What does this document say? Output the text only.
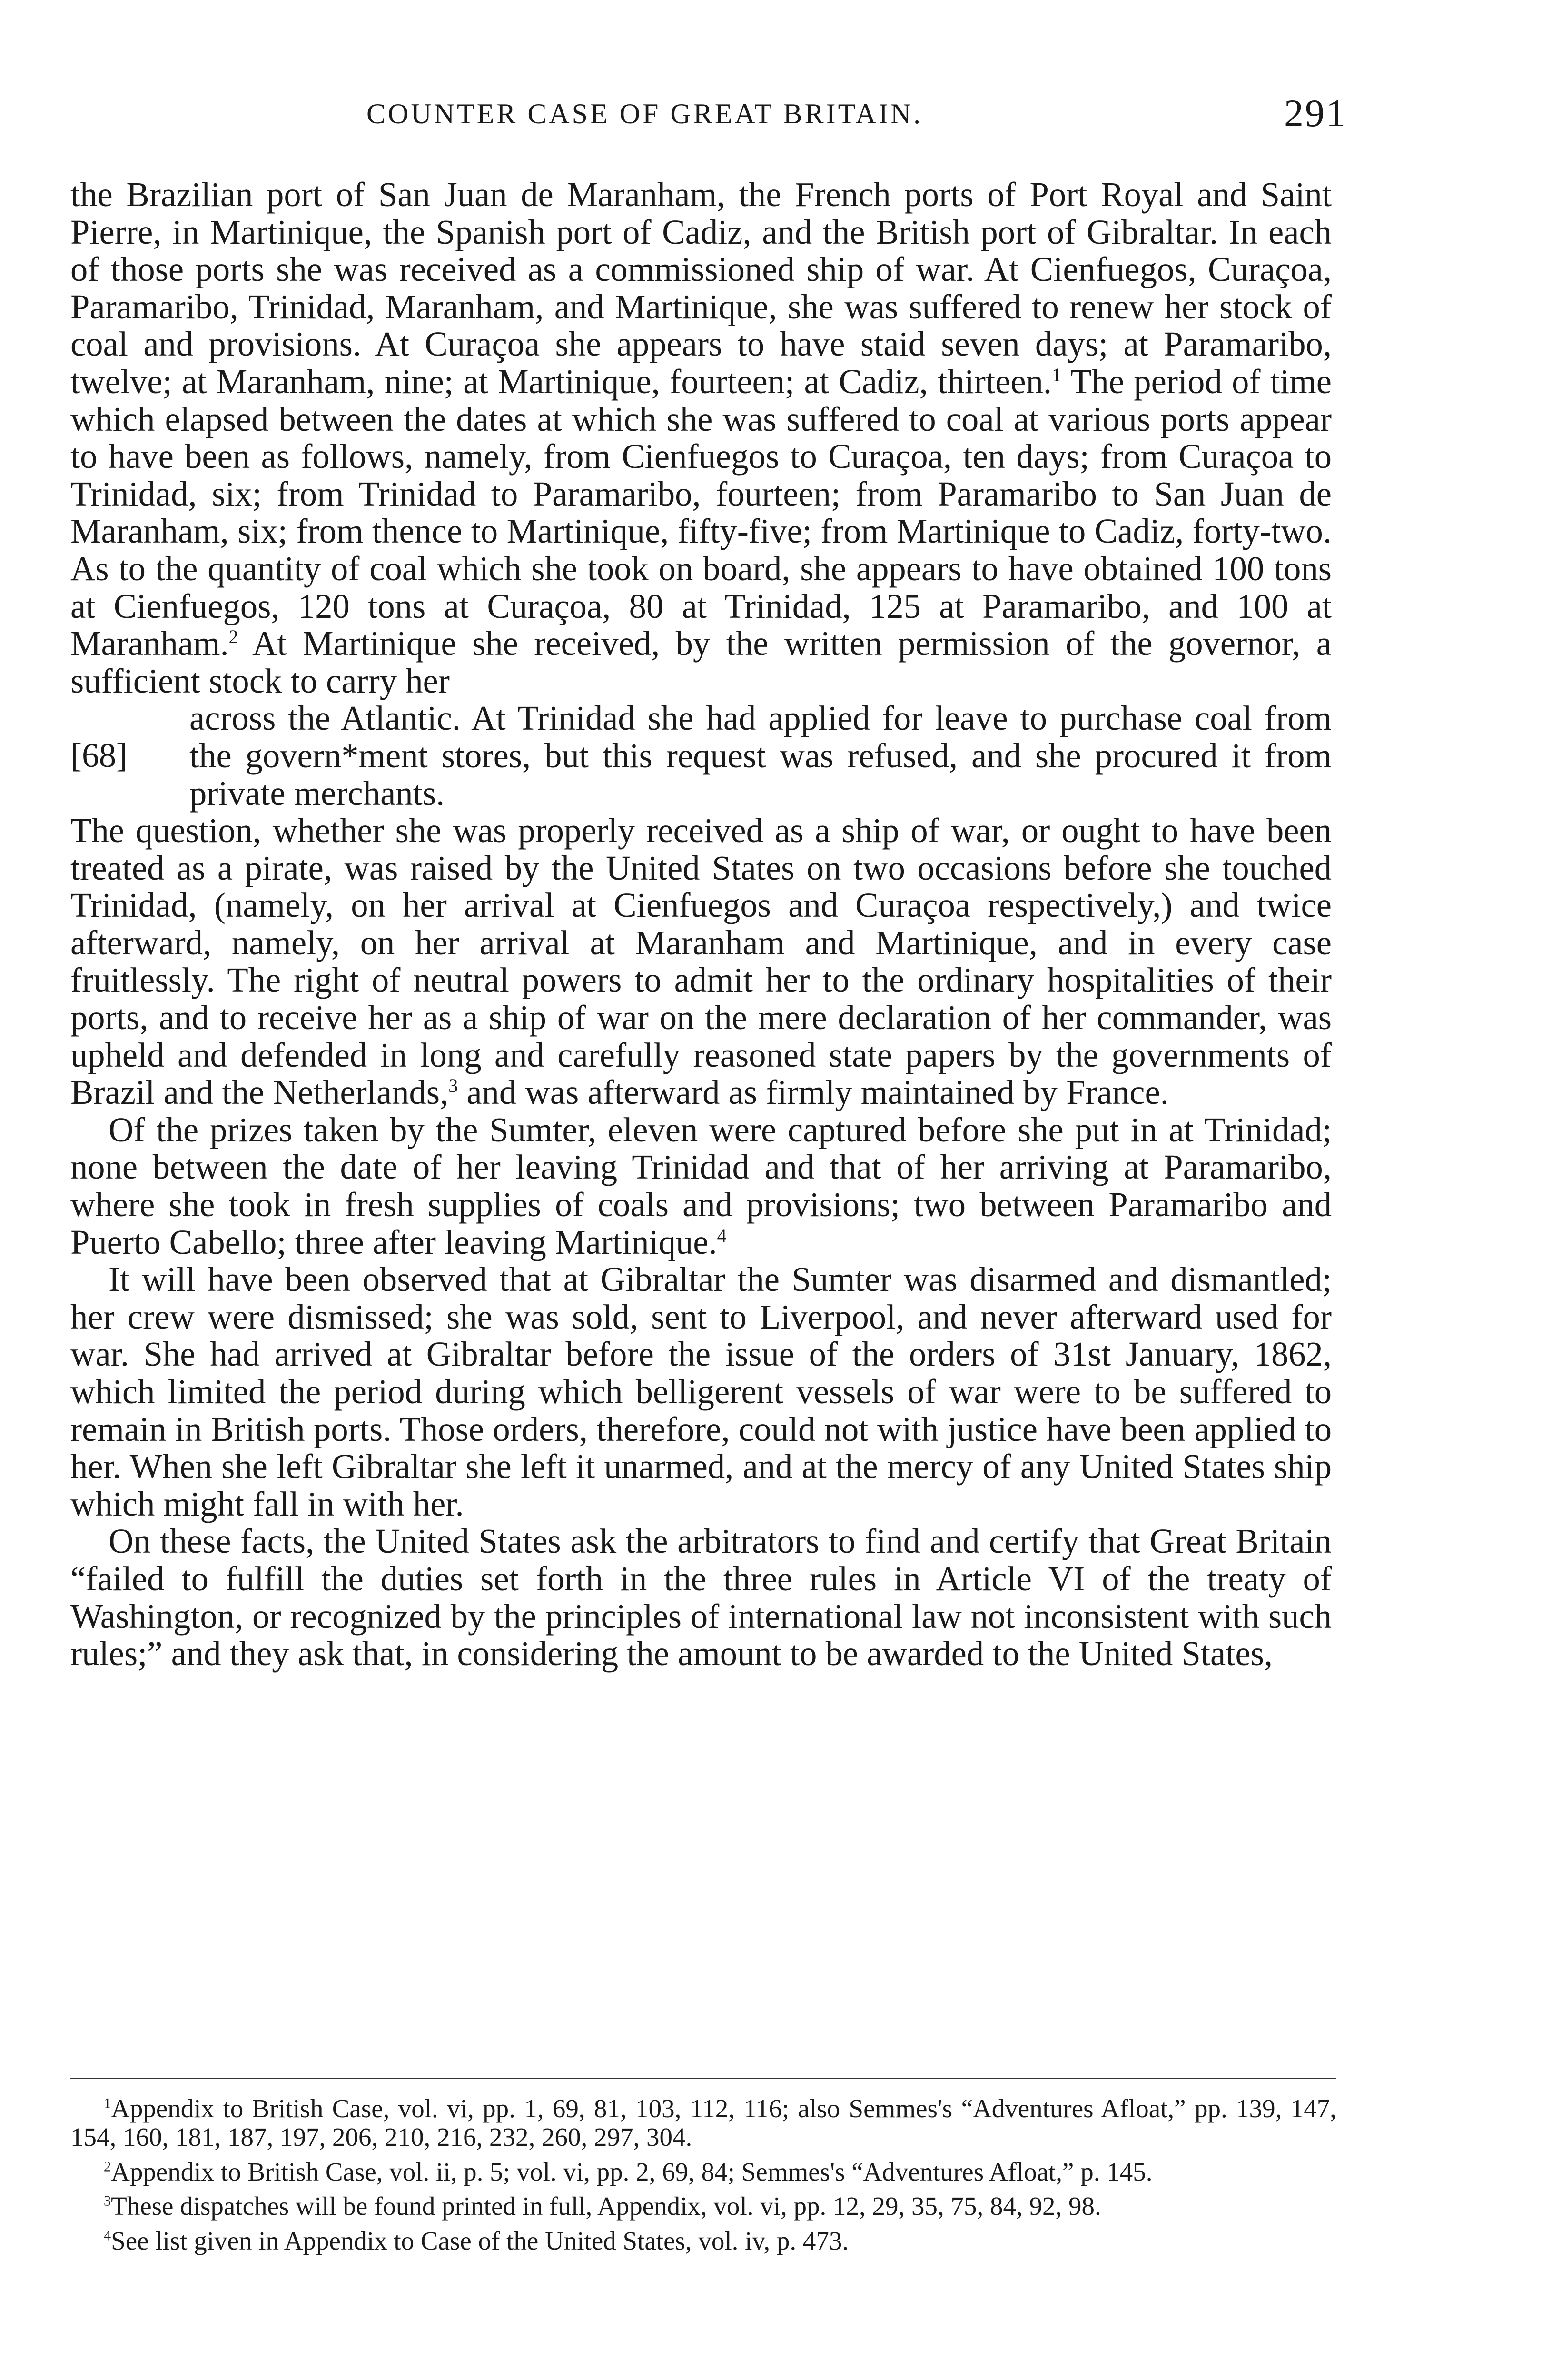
COUNTER CASE OF GREAT BRITAIN.	291

the Brazilian port of San Juan de Maranham, the French ports of Port Royal and Saint Pierre, in Martinique, the Spanish port of Cadiz, and the British port of Gibraltar. In each of those ports she was received as a commissioned ship of war. At Cienfuegos, Curaçoa, Paramaribo, Trinidad, Maranham, and Martinique, she was suffered to renew her stock of coal and provisions. At Curaçoa she appears to have staid seven days; at Paramaribo, twelve; at Maranham, nine; at Martinique, fourteen; at Cadiz, thirteen.$^1$ The period of time which elapsed between the dates at which she was suffered to coal at various ports appear to have been as follows, namely, from Cienfuegos to Curaçoa, ten days; from Curaçoa to Trinidad, six; from Trinidad to Paramaribo, fourteen; from Paramaribo to San Juan de Maranham, six; from thence to Martinique, fifty-five; from Martinique to Cadiz, forty-two. As to the quantity of coal which she took on board, she appears to have obtained 100 tons at Cienfuegos, 120 tons at Curaçoa, 80 at Trinidad, 125 at Paramaribo, and 100 at Maranham.$^2$ At Martinique she received, by the written permission of the governor, a sufficient stock to carry her

[68]

across the Atlantic. At Trinidad she had applied for leave to purchase coal from the govern*ment stores, but this request was refused, and she procured it from private merchants.

The question, whether she was properly received as a ship of war, or ought to have been treated as a pirate, was raised by the United States on two occasions before she touched Trinidad, (namely, on her arrival at Cienfuegos and Curaçoa respectively,) and twice afterward, namely, on her arrival at Maranham and Martinique, and in every case fruitlessly. The right of neutral powers to admit her to the ordinary hospitalities of their ports, and to receive her as a ship of war on the mere declaration of her commander, was upheld and defended in long and carefully reasoned state papers by the governments of Brazil and the Netherlands,$^3$ and was afterward as firmly maintained by France.

Of the prizes taken by the Sumter, eleven were captured before she put in at Trinidad; none between the date of her leaving Trinidad and that of her arriving at Paramaribo, where she took in fresh supplies of coals and provisions; two between Paramaribo and Puerto Cabello; three after leaving Martinique.$^4$

It will have been observed that at Gibraltar the Sumter was disarmed and dismantled; her crew were dismissed; she was sold, sent to Liverpool, and never afterward used for war. She had arrived at Gibraltar before the issue of the orders of 31st January, 1862, which limited the period during which belligerent vessels of war were to be suffered to remain in British ports. Those orders, therefore, could not with justice have been applied to her. When she left Gibraltar she left it unarmed, and at the mercy of any United States ship which might fall in with her.

On these facts, the United States ask the arbitrators to find and certify that Great Britain “failed to fulfill the duties set forth in the three rules in Article VI of the treaty of Washington, or recognized by the principles of international law not inconsistent with such rules;” and they ask that, in considering the amount to be awarded to the United States,

$^1$Appendix to British Case, vol. vi, pp. 1, 69, 81, 103, 112, 116; also Semmes's “Adventures Afloat,” pp. 139, 147, 154, 160, 181, 187, 197, 206, 210, 216, 232, 260, 297, 304.

$^2$Appendix to British Case, vol. ii, p. 5; vol. vi, pp. 2, 69, 84; Semmes's “Adventures Afloat,” p. 145.

$^3$These dispatches will be found printed in full, Appendix, vol. vi, pp. 12, 29, 35, 75, 84, 92, 98.

$^4$See list given in Appendix to Case of the United States, vol. iv, p. 473.
